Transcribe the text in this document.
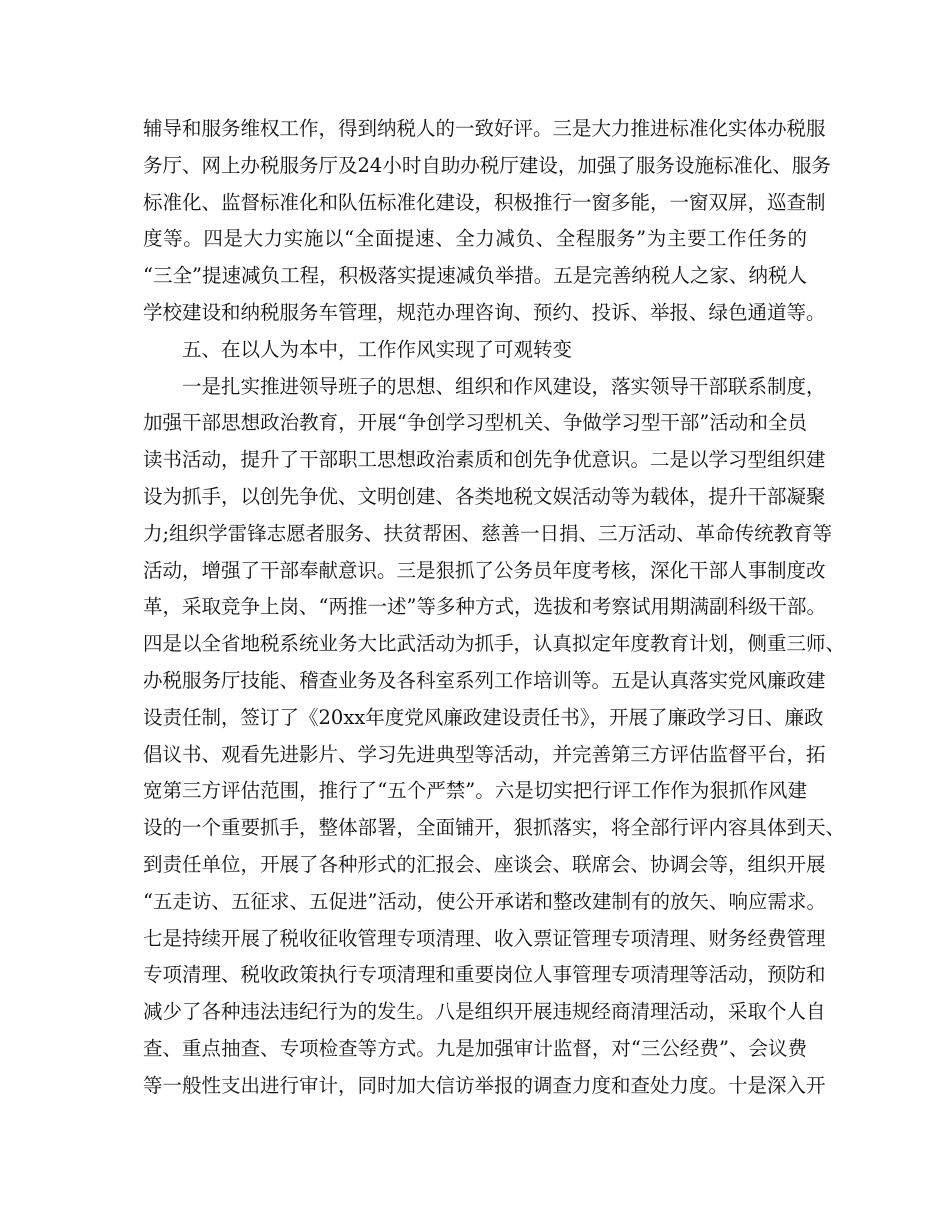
辅导和服务维权工作，得到纳税人的一致好评。三是大力推进标准化实体办税服
务厅、网上办税服务厅及24小时自助办税厅建设，加强了服务设施标准化、服务
标准化、监督标准化和队伍标准化建设，积极推行一窗多能，一窗双屏，巡查制
度等。四是大力实施以“全面提速、全力减负、全程服务”为主要工作任务的
“三全”提速减负工程，积极落实提速减负举措。五是完善纳税人之家、纳税人
学校建设和纳税服务车管理，规范办理咨询、预约、投诉、举报、绿色通道等。
五、在以人为本中，工作作风实现了可观转变
一是扎实推进领导班子的思想、组织和作风建设，落实领导干部联系制度，
加强干部思想政治教育，开展“争创学习型机关、争做学习型干部”活动和全员
读书活动，提升了干部职工思想政治素质和创先争优意识。二是以学习型组织建
设为抓手，以创先争优、文明创建、各类地税文娱活动等为载体，提升干部凝聚
力;组织学雷锋志愿者服务、扶贫帮困、慈善一日捐、三万活动、革命传统教育等
活动，增强了干部奉献意识。三是狠抓了公务员年度考核，深化干部人事制度改
革，采取竞争上岗、“两推一述”等多种方式，选拔和考察试用期满副科级干部。
四是以全省地税系统业务大比武活动为抓手，认真拟定年度教育计划，侧重三师、
办税服务厅技能、稽查业务及各科室系列工作培训等。五是认真落实党风廉政建
设责任制，签订了《20xx年度党风廉政建设责任书》，开展了廉政学习日、廉政
倡议书、观看先进影片、学习先进典型等活动，并完善第三方评估监督平台，拓
宽第三方评估范围，推行了“五个严禁”。六是切实把行评工作作为狠抓作风建
设的一个重要抓手，整体部署，全面铺开，狠抓落实，将全部行评内容具体到天、
到责任单位，开展了各种形式的汇报会、座谈会、联席会、协调会等，组织开展
“五走访、五征求、五促进”活动，使公开承诺和整改建制有的放矢、响应需求。
七是持续开展了税收征收管理专项清理、收入票证管理专项清理、财务经费管理
专项清理、税收政策执行专项清理和重要岗位人事管理专项清理等活动，预防和
减少了各种违法违纪行为的发生。八是组织开展违规经商清理活动，采取个人自
查、重点抽查、专项检查等方式。九是加强审计监督，对“三公经费”、会议费
等一般性支出进行审计，同时加大信访举报的调查力度和查处力度。十是深入开
